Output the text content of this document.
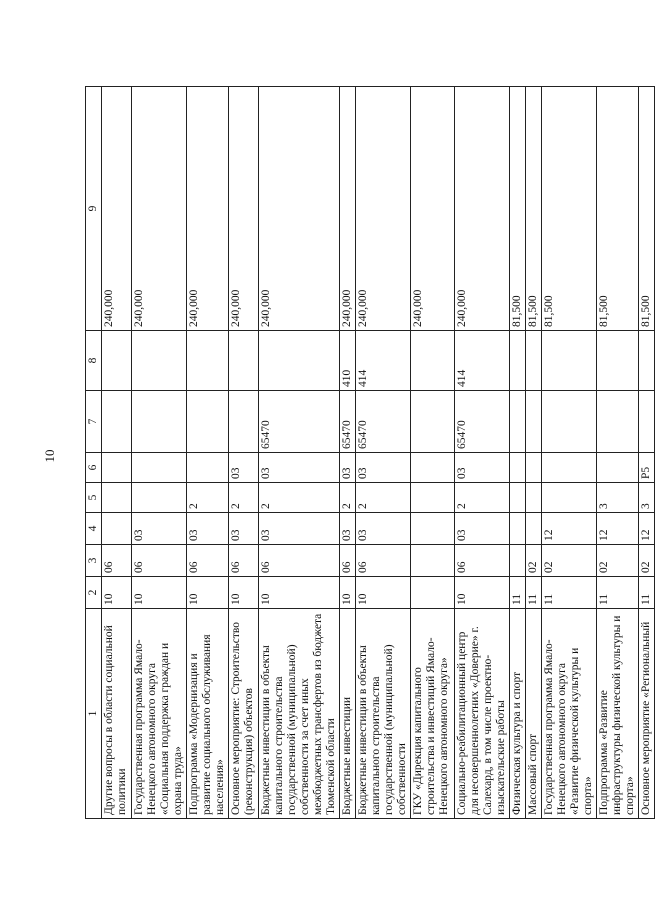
10
1	2	3	4	5	6	7	8	9
Другие вопросы в области социальной политики	10	06						240,000
Государственная программа Ямало-Ненецкого автономного округа «Социальная поддержка граждан и охрана труда»	10	06	03					240,000
Подпрограмма «Модернизация и развитие социального обслуживания населения»	10	06	03	2				240,000
Основное мероприятие: Строительство (реконструкция) объектов	10	06	03	2	03			240,000
Бюджетные инвестиции в объекты капитального строительства государственной (муниципальной) собственности за счет иных межбюджетных трансфертов из бюджета Тюменской области	10	06	03	2	03	65470		240,000
Бюджетные инвестиции	10	06	03	2	03	65470	410	240,000
Бюджетные инвестиции в объекты капитального строительства государственной (муниципальной) собственности	10	06	03	2	03	65470	414	240,000
ГКУ «Дирекция капитального строительства и инвестиций Ямало-Ненецкого автономного округа»								240,000
Социально-реабилитационный центр для несовершеннолетних «Доверие» г. Салехард, в том числе проектно-изыскательские работы	10	06	03	2	03	65470	414	240,000
Физическая культура и спорт	11							81,500
Массовый спорт	11	02						81,500
Государственная программа Ямало-Ненецкого автономного округа «Развитие физической культуры и спорта»	11	02	12					81,500
Подпрограмма «Развитие инфраструктуры физической культуры и спорта»	11	02	12	3				81,500
Основное мероприятие «Региональный	11	02	12	3	P5			81,500
